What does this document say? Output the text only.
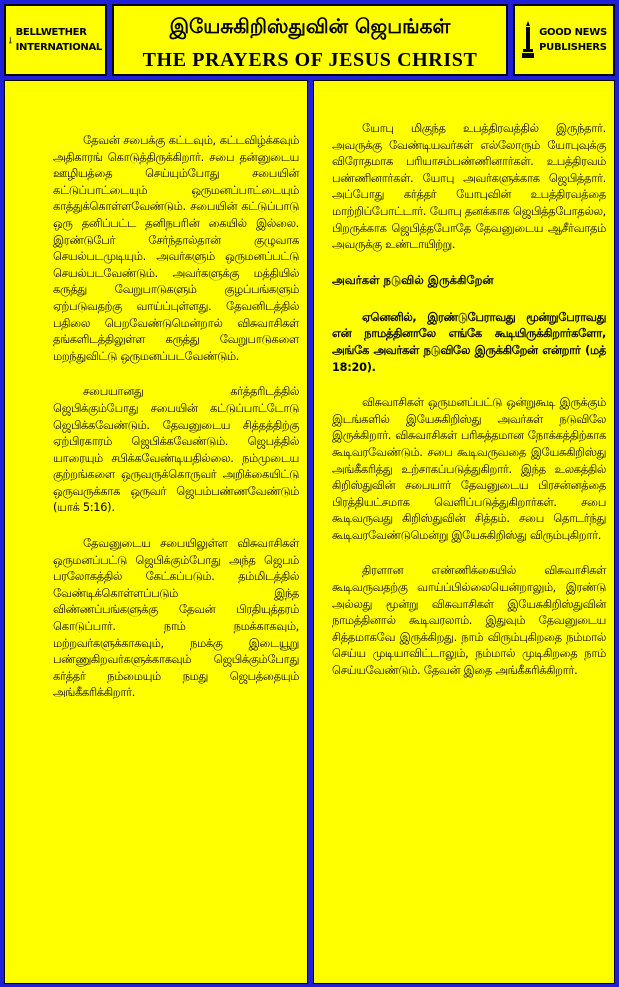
BELLWETHER
INTERNATIONAL
இயேசுகிறிஸ்துவின் ஜெபங்கள்
THE PRAYERS OF JESUS CHRIST
GOOD NEWS
PUBLISHERS

தேவன் சபைக்கு கட்டவும், கட்டவிழ்க்கவும் அதிகாரங் கொடுத்திருக்கிறார். சபை தன்னுடைய ஊழியத்தை செய்யும்போது சபையின் கட்டுப்பாட்டையும் ஒருமனப்பாட்டையும் காத்துக்கொள்ளவேண்டும். சபையின் கட்டுப்பாடு ஒரு தனிப்பட்ட தனிநபரின் கையில் இல்லை. இரண்டுபேர் சேர்ந்தால்தான் குழுவாக செயல்படமுடியும். அவர்களும் ஒருமனப்பட்டு செயல்படவேண்டும். அவர்களுக்கு மத்தியில் கருத்து வேறுபாடுகளும் குழப்பங்களும் ஏற்படுவதற்கு வாய்ப்புள்ளது. தேவனிடத்தில் பதிலை பெறவேண்டுமென்றால் விசுவாசிகள் தங்களிடத்திலுள்ள கருத்து வேறுபாடுகளை மறந்துவிட்டு ஒருமனப்படவேண்டும்.

சபையானது கர்த்தரிடத்தில் ஜெபிக்கும்போது சபையின் கட்டுப்பாட்டோடு ஜெபிக்கவேண்டும். தேவனுடைய சித்தத்திற்கு ஏற்பிரகாரம் ஜெபிக்கவேண்டும். ஜெபத்தில் யாரையும் சபிக்கவேண்டியதில்லை. நம்முடைய குற்றங்களை ஒருவருக்கொருவர் அறிக்கையிட்டு ஒருவருக்காக ஒருவர் ஜெபம்பண்ணவேண்டும் (யாக் 5:16).

தேவனுடைய சபையிலுள்ள விசுவாசிகள் ஒருமனப்பட்டு ஜெபிக்கும்போது அந்த ஜெபம் பரலோகத்தில் கேட்கப்படும். தம்மிடத்தில் வேண்டிக்கொள்ளப்படும் இந்த விண்ணப்பங்களுக்கு தேவன் பிரதியுத்தரம் கொடுப்பார். நாம் நமக்காகவும், மற்றவர்களுக்காகவும், நமக்கு இடையூறு பண்ணுகிறவர்களுக்காகவும் ஜெபிக்கும்போது கர்த்தர் நம்மையும் நமது ஜெபத்தையும் அங்கீகரிக்கிறார்.

யோபு மிகுந்த உபத்திரவத்தில் இருந்தார். அவருக்கு வேண்டியவர்கள் எல்லோரும் யோபுவுக்கு விரோதமாக பரியாசம்பண்ணினார்கள். உபத்திரவம் பண்ணினார்கள். யோபு அவர்களுக்காக ஜெபித்தார். அப்போது கர்த்தர் யோபுவின் உபத்திரவத்தை மாற்றிப்போட்டார். யோபு தனக்காக ஜெபித்தபோதல்ல, பிறருக்காக ஜெபித்தபோதே தேவனுடைய ஆசீர்வாதம் அவருக்கு உண்டாயிற்று.

அவர்கள் நடுவில் இருக்கிறேன்

ஏனெனில், இரண்டுபேராவது மூன்றுபேராவது என் நாமத்தினாலே எங்கே கூடியிருக்கிறார்களோ, அங்கே அவர்கள் நடுவிலே இருக்கிறேன் என்றார் (மத் 18:20).

விசுவாசிகள் ஒருமனப்பட்டு ஒன்றுகூடி இருக்கும் இடங்களில் இயேசுகிறிஸ்து அவர்கள் நடுவிலே இருக்கிறார். விசுவாசிகள் பரிசுத்தமான நோக்கத்திற்காக கூடிவரவேண்டும். சபை கூடிவருவதை இயேசுகிறிஸ்து அங்கீகரித்து உற்சாகப்படுத்துகிறார். இந்த உலகத்தில் கிறிஸ்துவின் சபையார் தேவனுடைய பிரசன்னத்தை பிரத்தியட்சமாக வெளிப்படுத்துகிறார்கள். சபை கூடிவருவது கிறிஸ்துவின் சித்தம். சபை தொடர்ந்து கூடிவரவேண்டுமென்று இயேசுகிறிஸ்து விரும்புகிறார்.

திரளான எண்ணிக்கையில் விசுவாசிகள் கூடிவருவதற்கு வாய்ப்பில்லையென்றாலும், இரண்டு அல்லது மூன்று விசுவாசிகள் இயேசுகிறிஸ்துவின் நாமத்தினால் கூடிவரலாம். இதுவும் தேவனுடைய சித்தமாகவே இருக்கிறது. நாம் விரும்புகிறதை நம்மால் செய்ய முடியாவிட்டாலும், நம்மால் முடிகிறதை நாம் செய்யவேண்டும். தேவன் இதை அங்கீகரிக்கிறார்.
